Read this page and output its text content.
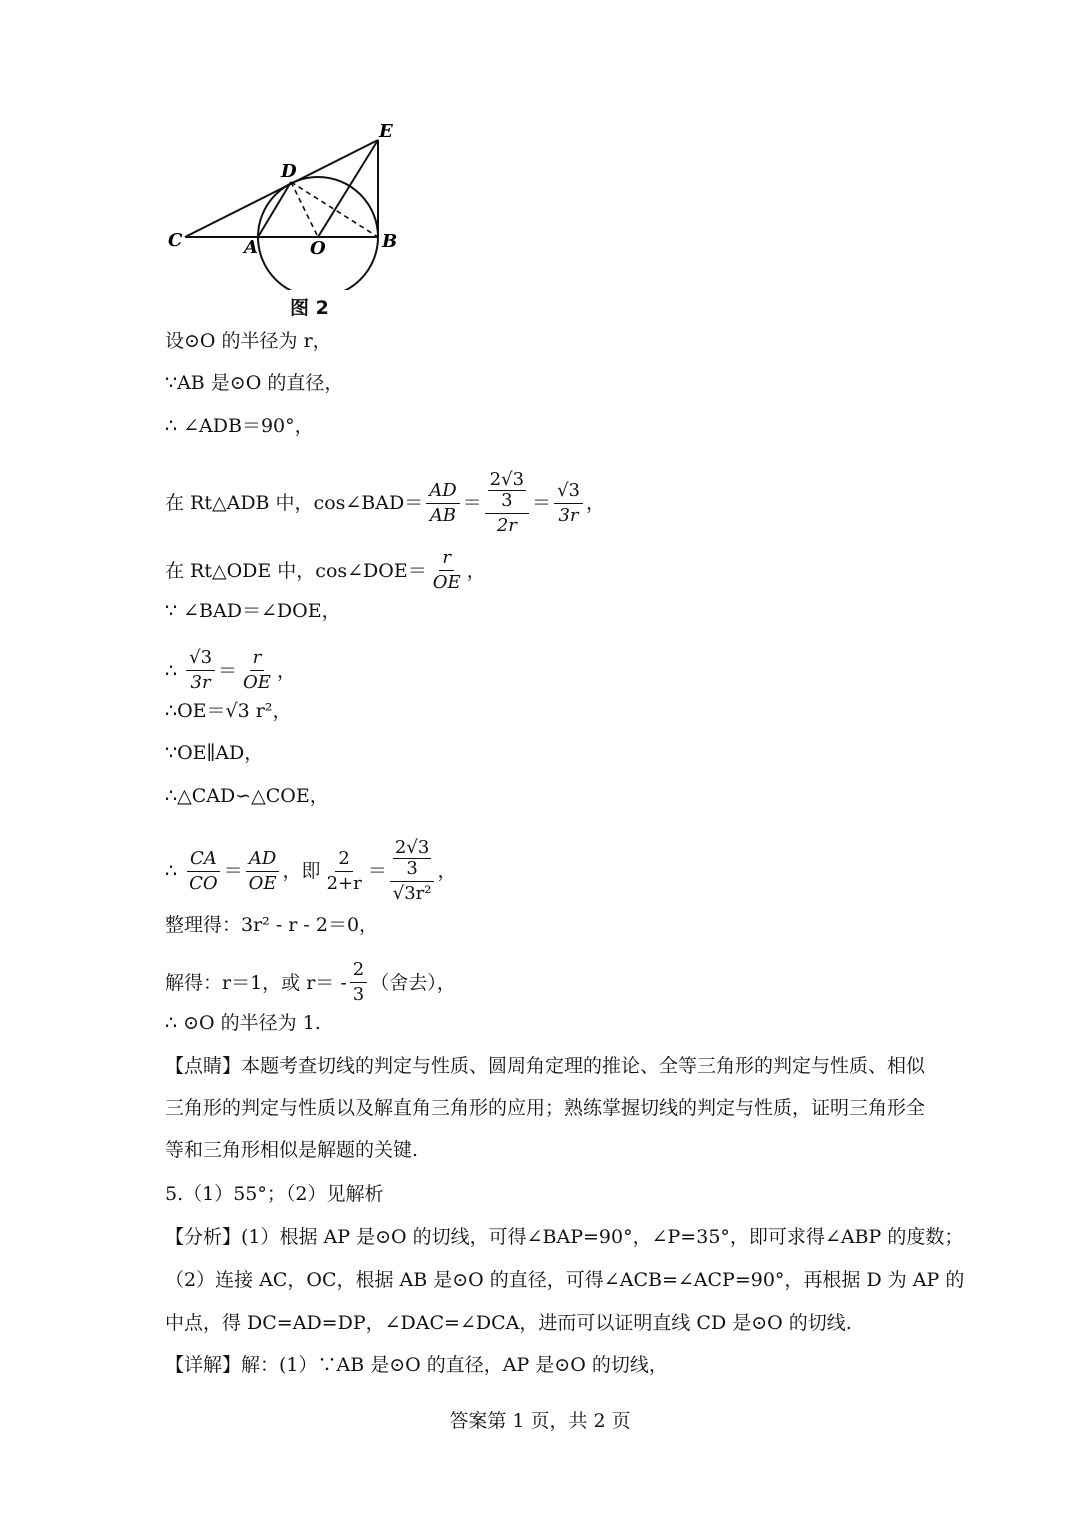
C	A	O	B
D
E
图 2
设⊙O 的半径为 r，
∵AB 是⊙O 的直径，
∴ ∠ADB＝90°，
在 Rt△ADB 中，cos∠BAD＝ $\frac{AD}{AB} = \frac{\frac{2√3}{3}}{2r} = \frac{√3}{3r}$ ，
在 Rt△ODE 中，cos∠DOE＝ $\frac{r}{OE}$ ，
∵ ∠BAD＝∠DOE，
∴ $\frac{√3}{3r} = \frac{r}{OE}$ ，
∴OE＝√3 r²，
∵OE∥AD，
∴△CAD∽△COE，
∴ $\frac{CA}{CO} = \frac{AD}{OE}$ ，即 $\frac{2}{2+r} = \frac{\frac{2√3}{3}}{\text{√3r²}}$ ，
整理得：3r² - r - 2＝0，
解得：r＝1，或 $r= - \frac{2}{3}$ （舍去），
∴ ⊙O 的半径为 1.
【点睛】本题考查切线的判定与性质、圆周角定理的推论、全等三角形的判定与性质、相似三角形的判定与性质以及解直角三角形的应用；熟练掌握切线的判定与性质，证明三角形全等和三角形相似是解题的关键.
5.（1）55°；（2）见解析
【分析】(1）根据 AP 是⊙O 的切线，可得∠BAP=90°，∠P=35°，即可求得∠ABP 的度数；
（2）连接 AC，OC，根据 AB 是⊙O 的直径，可得∠ACB=∠ACP=90°，再根据 D 为 AP 的
中点，得 DC=AD=DP，∠DAC=∠DCA，进而可以证明直线 CD 是⊙O 的切线.
【详解】解：(1）∵AB 是⊙O 的直径，AP 是⊙O 的切线，
答案第 1 页，共 2 页
